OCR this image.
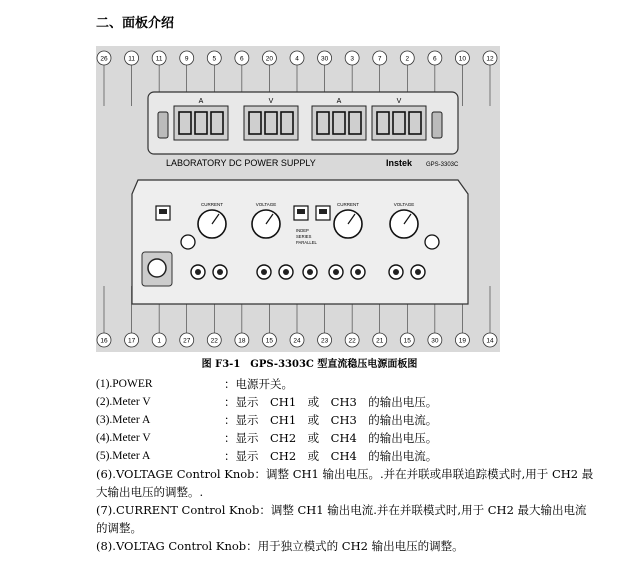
二、面板介绍
26	11	11	9	5	6	20	4	30	3	7	2	6	10	12
16	17	1	27	22	18	15	24	23	22	21	15	30	19	14
A	V	A	V
LABORATORY DC POWER SUPPLY	Instek GPS-3303C
CURRENT	VOLTAGE	CURRENT	VOLTAGE
INDEP
SERIES
PARALLEL
图 F3-1　GPS-3303C 型直流稳压电源面板图
(1).POWER	： 电源开关。
(2).Meter V	： 显示　CH1　或　CH3　的输出电压。
(3).Meter A	： 显示　CH1　或　CH3　的输出电流。
(4).Meter V	： 显示　CH2　或　CH4　的输出电压。
(5).Meter A	： 显示　CH2　或　CH4　的输出电流。
(6).VOLTAGE Control Knob：调整 CH1 输出电压。.并在并联或串联追踪模式时,用于 CH2 最大输出电压的调整。.
(7).CURRENT Control Knob：调整 CH1 输出电流.并在并联模式时,用于 CH2 最大输出电流的调整。
(8).VOLTAG Control Knob：用于独立模式的 CH2 输出电压的调整。
